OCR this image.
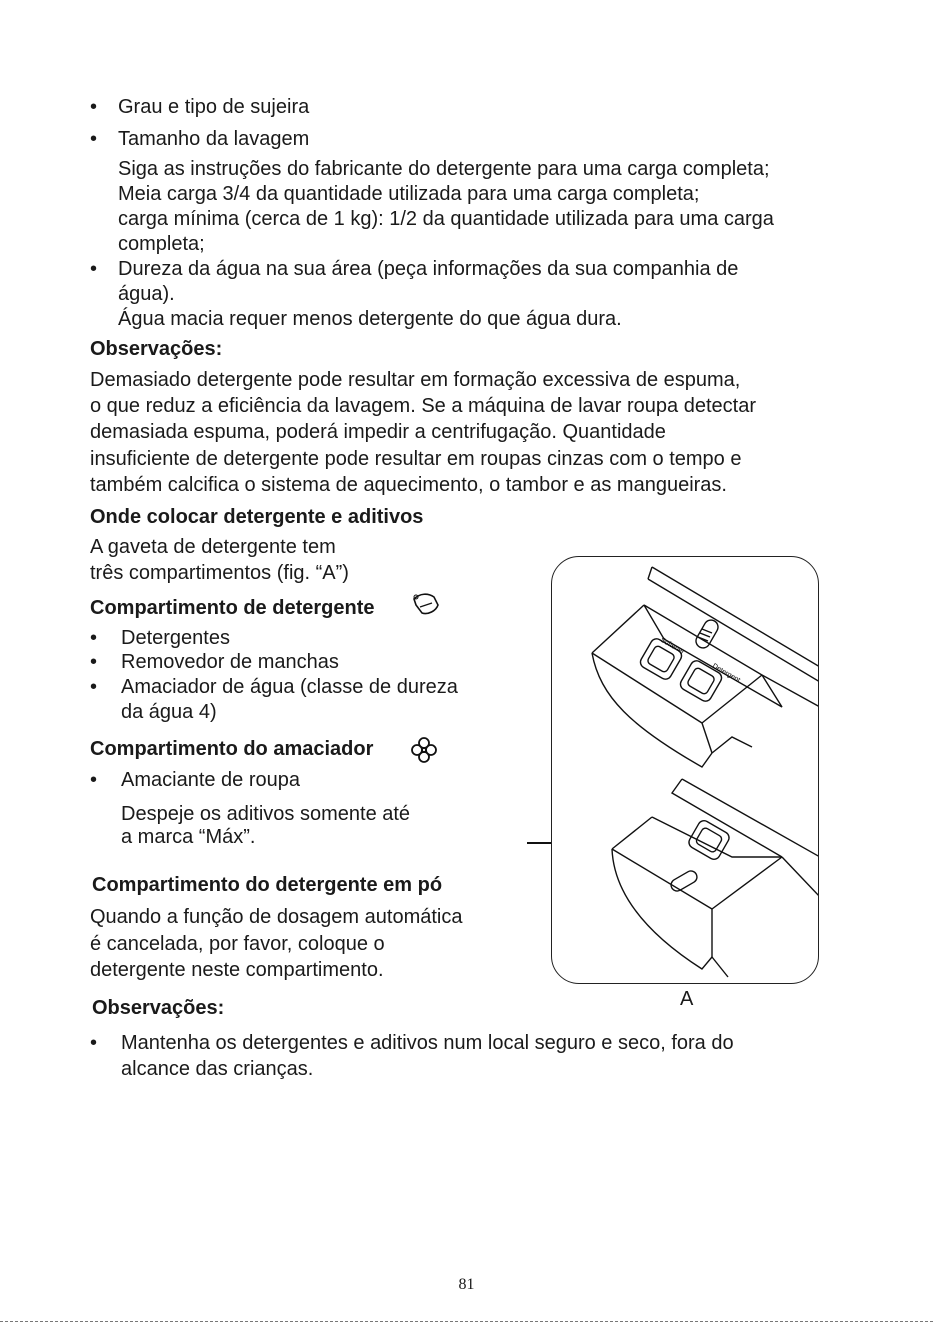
• Grau e tipo de sujeira
• Tamanho da lavagem
Siga as instruções do fabricante do detergente para uma carga completa;
Meia carga 3/4 da quantidade utilizada para uma carga completa;
carga mínima (cerca de 1 kg): 1/2 da quantidade utilizada para uma carga
completa;
• Dureza da água na sua área (peça informações da sua companhia de
água).
Água macia requer menos detergente do que água dura.
Observações:
Demasiado detergente pode resultar em formação excessiva de espuma,
o que reduz a eficiência da lavagem. Se a máquina de lavar roupa detectar
demasiada espuma, poderá impedir a centrifugação. Quantidade
insuficiente de detergente pode resultar em roupas cinzas com o tempo e
também calcifica o sistema de aquecimento, o tambor e as mangueiras.
Onde colocar detergente e aditivos
A gaveta de detergente tem
três compartimentos (fig. “A”)
Compartimento de detergente
• Detergentes
• Removedor de manchas
• Amaciador de água (classe de dureza
da água 4)
Compartimento do amaciador
• Amaciante de roupa
Despeje os aditivos somente até
a marca “Máx”.
Compartimento do detergente em pó
Quando a função de dosagem automática
é cancelada, por favor, coloque o
detergente neste compartimento.
Softener
Detergent
A
Observações:
• Mantenha os detergentes e aditivos num local seguro e seco, fora do
alcance das crianças.
81
